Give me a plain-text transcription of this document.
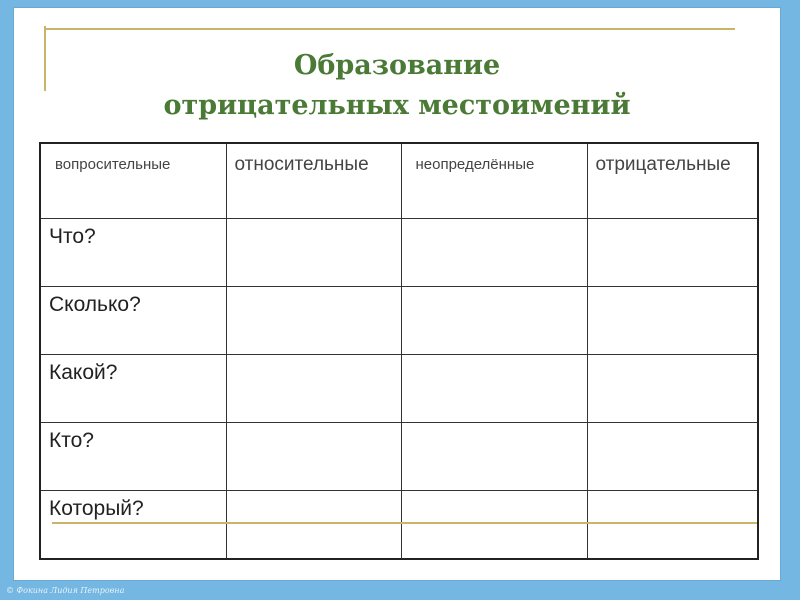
Образование
отрицательных местоимений
вопросительные	относительные	неопределённые	отрицательные
Что?			
Сколько?			
Какой?			
Кто?			
Который?			
© Фокина Лидия Петровна
